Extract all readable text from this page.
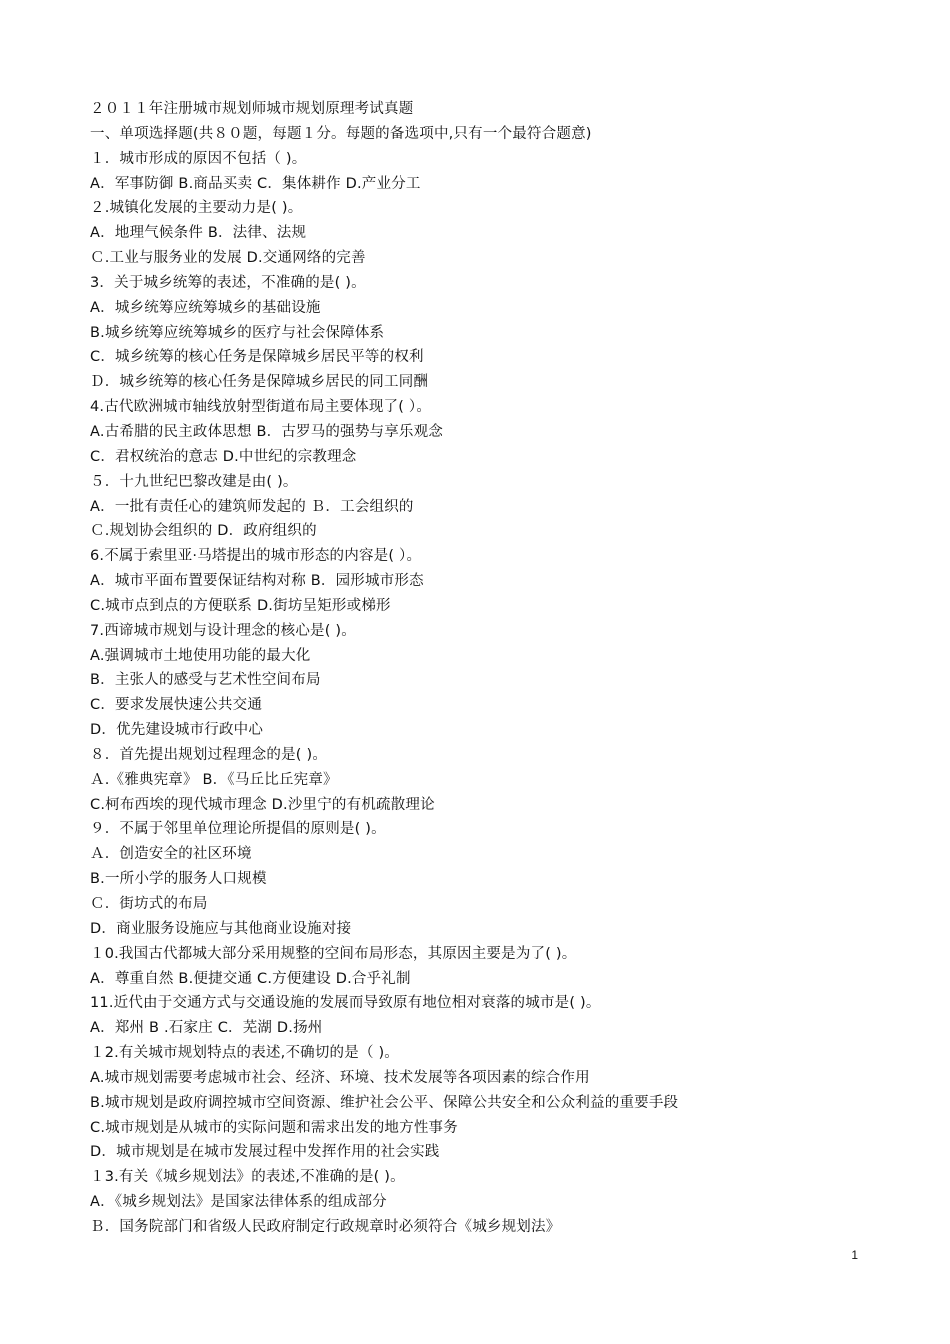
２０１１年注册城市规划师城市规划原理考试真题
一、单项选择题(共８０题，每题１分。每题的备选项中,只有一个最符合题意)
１．城市形成的原因不包括（ )。
A．军事防御 B.商品买卖 C．集体耕作 D.产业分工
２.城镇化发展的主要动力是( )。
A．地理气候条件 B．法律、法规
Ｃ.工业与服务业的发展 D.交通网络的完善
3．关于城乡统筹的表述，不准确的是( )。
A．城乡统筹应统筹城乡的基础设施
B.城乡统筹应统筹城乡的医疗与社会保障体系
C．城乡统筹的核心任务是保障城乡居民平等的权利
Ｄ．城乡统筹的核心任务是保障城乡居民的同工同酬
4.古代欧洲城市轴线放射型街道布局主要体现了( ）。
A.古希腊的民主政体思想 B．古罗马的强势与享乐观念
C．君权统治的意志 D.中世纪的宗教理念
５．十九世纪巴黎改建是由( )。
A．一批有责任心的建筑师发起的 Ｂ．工会组织的
Ｃ.规划协会组织的 D．政府组织的
6.不属于索里亚·马塔提出的城市形态的内容是( ）。
A．城市平面布置要保证结构对称 B．园形城市形态
C.城市点到点的方便联系 D.街坊呈矩形或梯形
7.西谛城市规划与设计理念的核心是( )。
A.强调城市土地使用功能的最大化
B．主张人的感受与艺术性空间布局
C．要求发展快速公共交通
D．优先建设城市行政中心
８．首先提出规划过程理念的是( )。
Ａ.《雅典宪章》 B．《马丘比丘宪章》
C.柯布西埃的现代城市理念 D.沙里宁的有机疏散理论
９．不属于邻里单位理论所提倡的原则是( )。
Ａ．创造安全的社区环境
B.一所小学的服务人口规模
Ｃ．街坊式的布局
D．商业服务设施应与其他商业设施对接
１0.我国古代都城大部分采用规整的空间布局形态，其原因主要是为了( )。
A．尊重自然 B.便捷交通 C.方便建设 D.合乎礼制
11.近代由于交通方式与交通设施的发展而导致原有地位相对衰落的城市是( )。
A．郑州 B .石家庄 C．芜湖 D.扬州
１2.有关城市规划特点的表述,不确切的是（ )。
A.城市规划需要考虑城市社会、经济、环境、技术发展等各项因素的综合作用
B.城市规划是政府调控城市空间资源、维护社会公平、保障公共安全和公众利益的重要手段
C.城市规划是从城市的实际问题和需求出发的地方性事务
D．城市规划是在城市发展过程中发挥作用的社会实践
１3.有关《城乡规划法》的表述,不准确的是( )。
A．《城乡规划法》是国家法律体系的组成部分
Ｂ．国务院部门和省级人民政府制定行政规章时必须符合《城乡规划法》
1
